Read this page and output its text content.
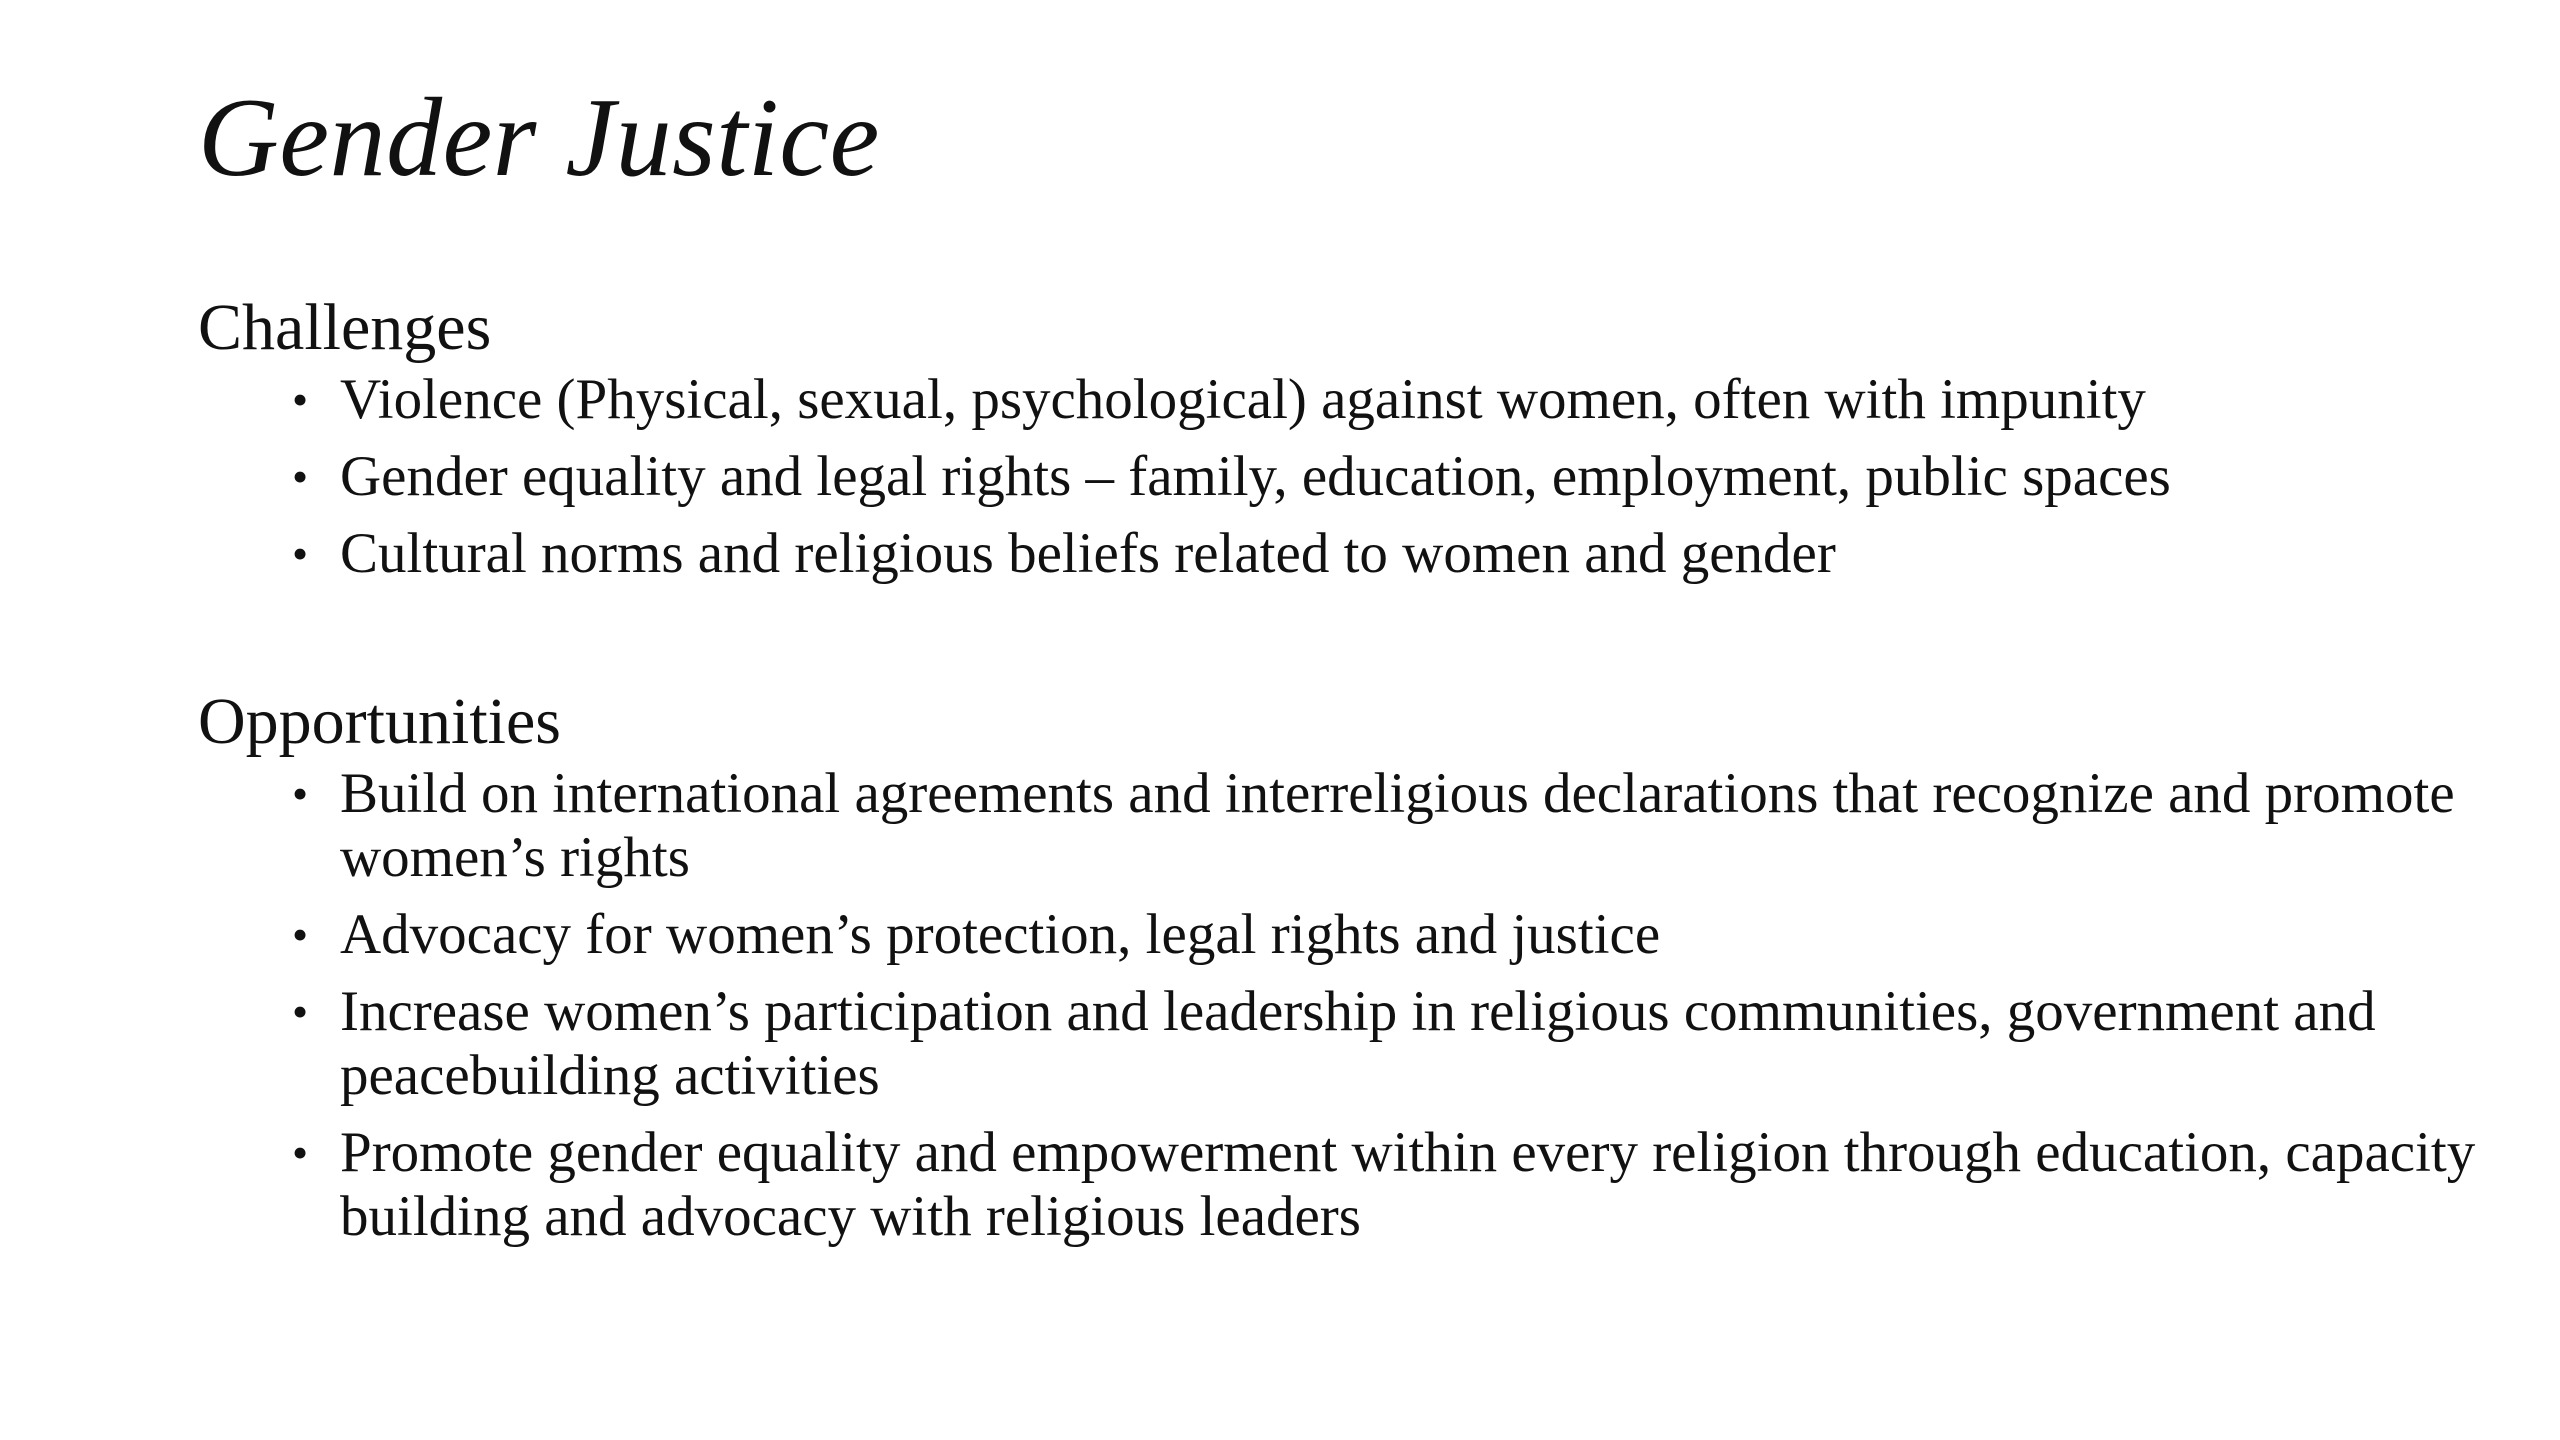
Gender Justice
Challenges
• Violence (Physical, sexual, psychological) against women, often with impunity
• Gender equality and legal rights – family, education, employment, public spaces
• Cultural norms and religious beliefs related to women and gender
Opportunities
• Build on international agreements and interreligious declarations that recognize and promote women’s rights
• Advocacy for women’s protection, legal rights and justice
• Increase women’s participation and leadership in religious communities, government and peacebuilding activities
• Promote gender equality and empowerment within every religion through education, capacity building and advocacy with religious leaders
